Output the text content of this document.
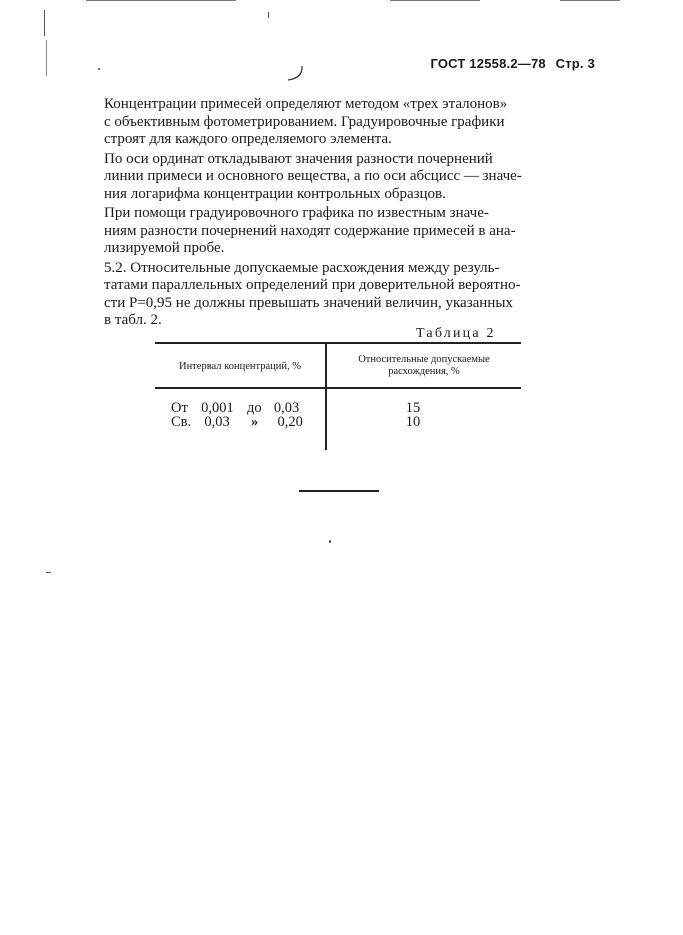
ГОСТ 12558.2—78 Стр. 3
Концентрации примесей определяют методом «трех эталонов»
с объективным фотометрированием. Градуировочные графики
строят для каждого определяемого элемента.
По оси ординат откладывают значения разности почернений
линии примеси и основного вещества, а по оси абсцисс — значе-
ния логарифма концентрации контрольных образцов.
При помощи градуировочного графика по известным значе-
ниям разности почернений находят содержание примесей в ана-
лизируемой пробе.
5.2. Относительные допускаемые расхождения между резуль-
татами параллельных определений при доверительной вероятно-
сти Р=0,95 не должны превышать значений величин, указанных
в табл. 2.
Таблица 2
Интервал концентраций, %
Относительные допускаемые
расхождения, %
От 0,001 до 0,03	15
Св. 0,03 » 0,20	10
